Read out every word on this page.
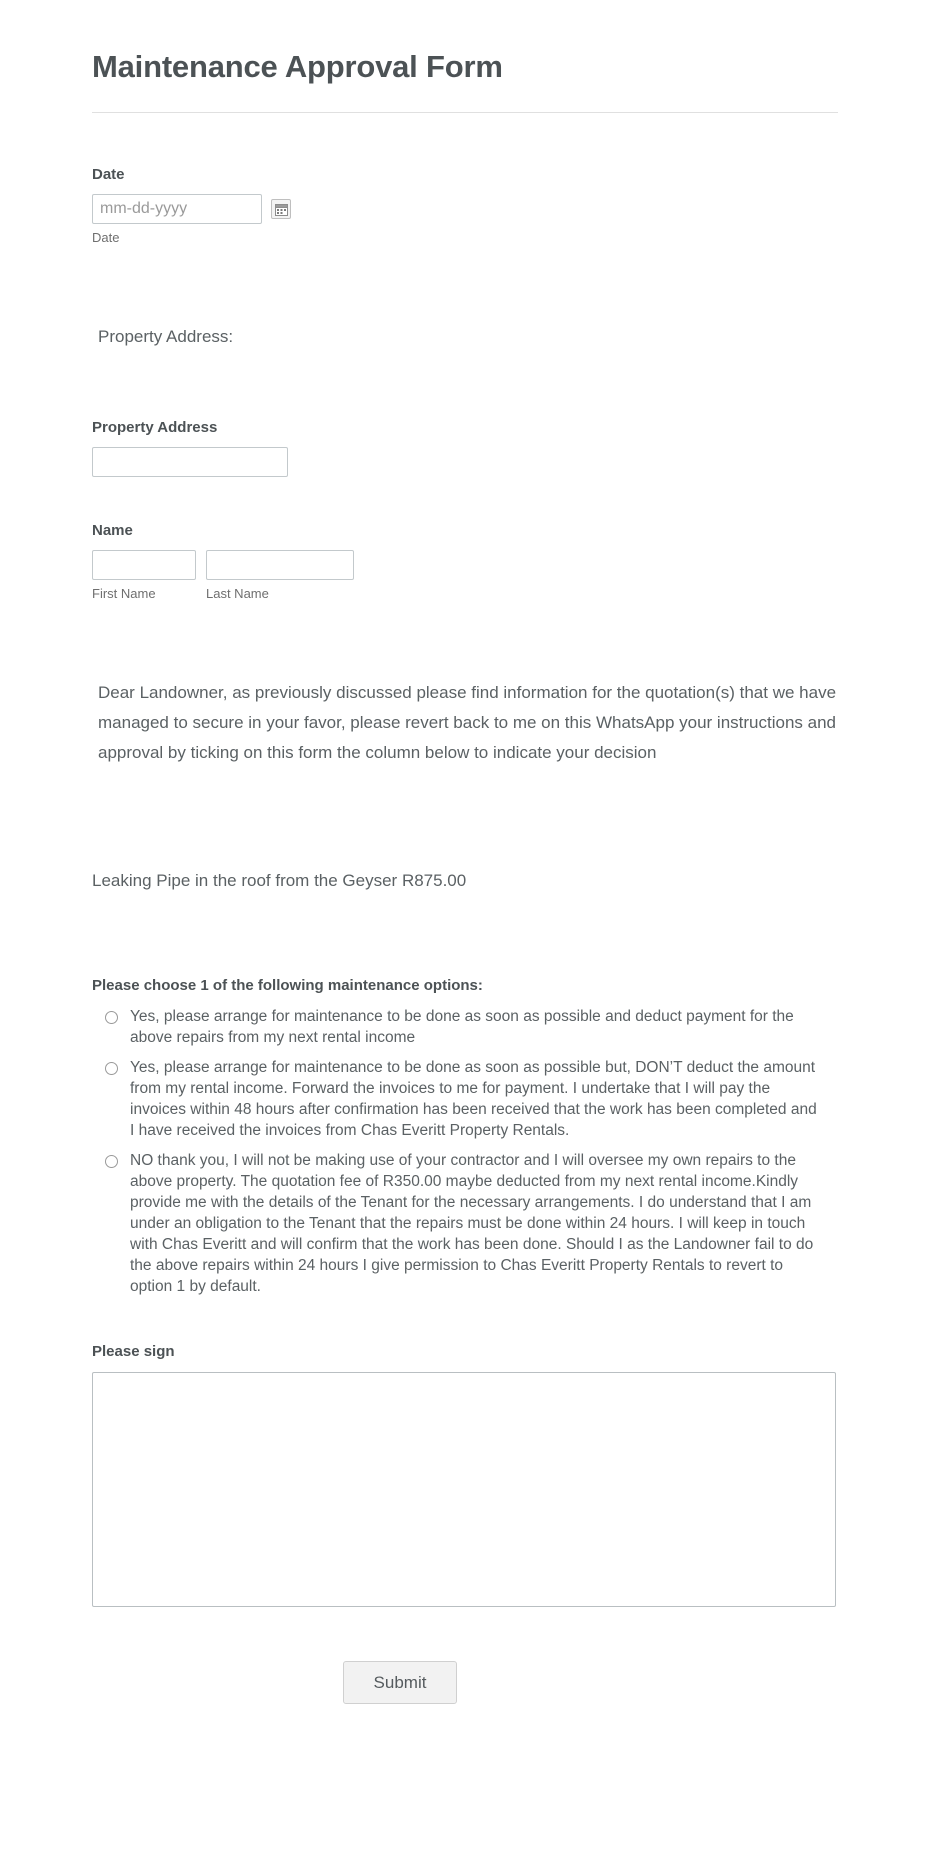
Maintenance Approval Form
Date
mm-dd-yyyy
Date

Property Address:

Property Address
Name
First Name	Last Name

Dear Landowner, as previously discussed please find information for the quotation(s) that we have managed to secure in your favor, please revert back to me on this WhatsApp your instructions and approval by ticking on this form the column below to indicate your decision

Leaking Pipe in the roof from the Geyser R875.00

Please choose 1 of the following maintenance options:
Yes, please arrange for maintenance to be done as soon as possible and deduct payment for the above repairs from my next rental income
Yes, please arrange for maintenance to be done as soon as possible but, DON’T deduct the amount from my rental income. Forward the invoices to me for payment. I undertake that I will pay the invoices within 48 hours after confirmation has been received that the work has been completed and I have received the invoices from Chas Everitt Property Rentals.
NO thank you, I will not be making use of your contractor and I will oversee my own repairs to the above property. The quotation fee of R350.00 maybe deducted from my next rental income.Kindly provide me with the details of the Tenant for the necessary arrangements. I do understand that I am under an obligation to the Tenant that the repairs must be done within 24 hours. I will keep in touch with Chas Everitt and will confirm that the work has been done. Should I as the Landowner fail to do the above repairs within 24 hours I give permission to Chas Everitt Property Rentals to revert to option 1 by default.
Please sign
Submit
